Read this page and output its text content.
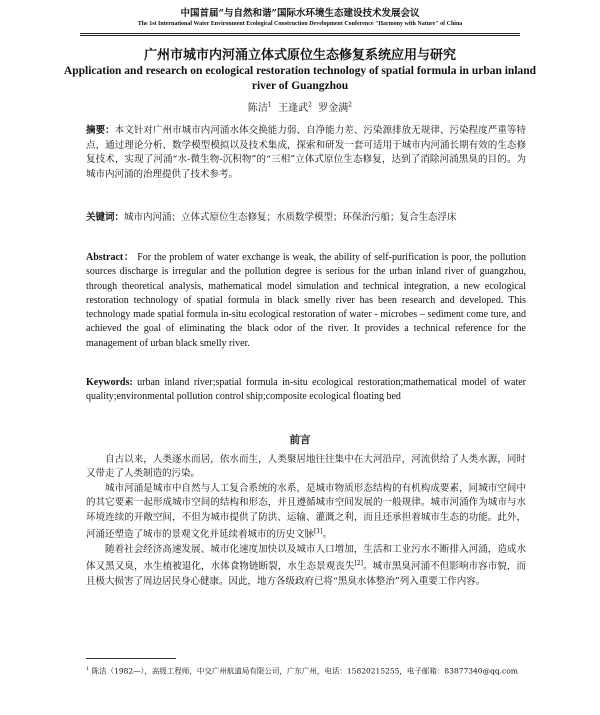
中国首届“与自然和谐”国际水环境生态建设技术发展会议
The 1st International Water Environment Ecological Construction Development Conference "Harmony with Nature" of China
广州市城市内河涌立体式原位生态修复系统应用与研究
Application and research on ecological restoration technology of spatial formula in urban inland river of Guangzhou
陈洁$^1$ 王逢武$^2$ 罗金满$^2$
摘要：本文针对广州市城市内河涌水体交换能力弱、自净能力差、污染源排放无规律、污染程度严重等特点，通过理论分析、数学模型模拟以及技术集成，探索和研发一套可适用于城市内河涌长期有效的生态修复技术，实现了河涌“水-微生物-沉积物”的“三相”立体式原位生态修复，达到了消除河涌黑臭的目的。为城市内河涌的治理提供了技术参考。
关键词：城市内河涌；立体式原位生态修复；水质数学模型；环保治污船；复合生态浮床
Abstract： For the problem of water exchange is weak, the ability of self-purification is poor, the pollution sources discharge is irregular and the pollution degree is serious for the urban inland river of guangzhou, through theoretical analysis, mathematical model simulation and technical integration, a new ecological restoration technology of spatial formula in black smelly river has been research and developed. This technology made spatial formula in-situ ecological restoration of water - microbes – sediment come ture, and achieved the goal of eliminating the black odor of the river. It provides a technical reference for the management of urban black smelly river.
Keywords: urban inland river;spatial formula in-situ ecological restoration;mathematical model of water quality;environmental pollution control ship;composite ecological floating bed
前言

自古以来，人类逐水而居，依水而生，人类聚居地往往集中在大河沿岸，河流供给了人类水源，同时又带走了人类制造的污染。

城市河涌是城市中自然与人工复合系统的水系，是城市物质形态结构的有机构成要素，同城市空间中的其它要素一起形成城市空间的结构和形态，并且遵循城市空间发展的一般规律。城市河涌作为城市与水环境连续的开敞空间，不但为城市提供了防洪、运输、灌溉之利，而且还承担着城市生态的功能。此外，河涌还塑造了城市的景观文化并延续着城市的历史文脉[1]。

随着社会经济高速发展、城市化速度加快以及城市人口增加，生活和工业污水不断排入河涌，造成水体又黑又臭，水生植被退化，水体食物链断裂，水生态景观丧失[2]。城市黑臭河涌不但影响市容市貌，而且极大损害了周边居民身心健康。因此，地方各级政府已将“黑臭水体整治”列入重要工作内容。

$^1$ 陈洁（1982—），高级工程师，中交广州航道局有限公司，广东广州，电话：15820215255，电子邮箱：83877340@qq.com
